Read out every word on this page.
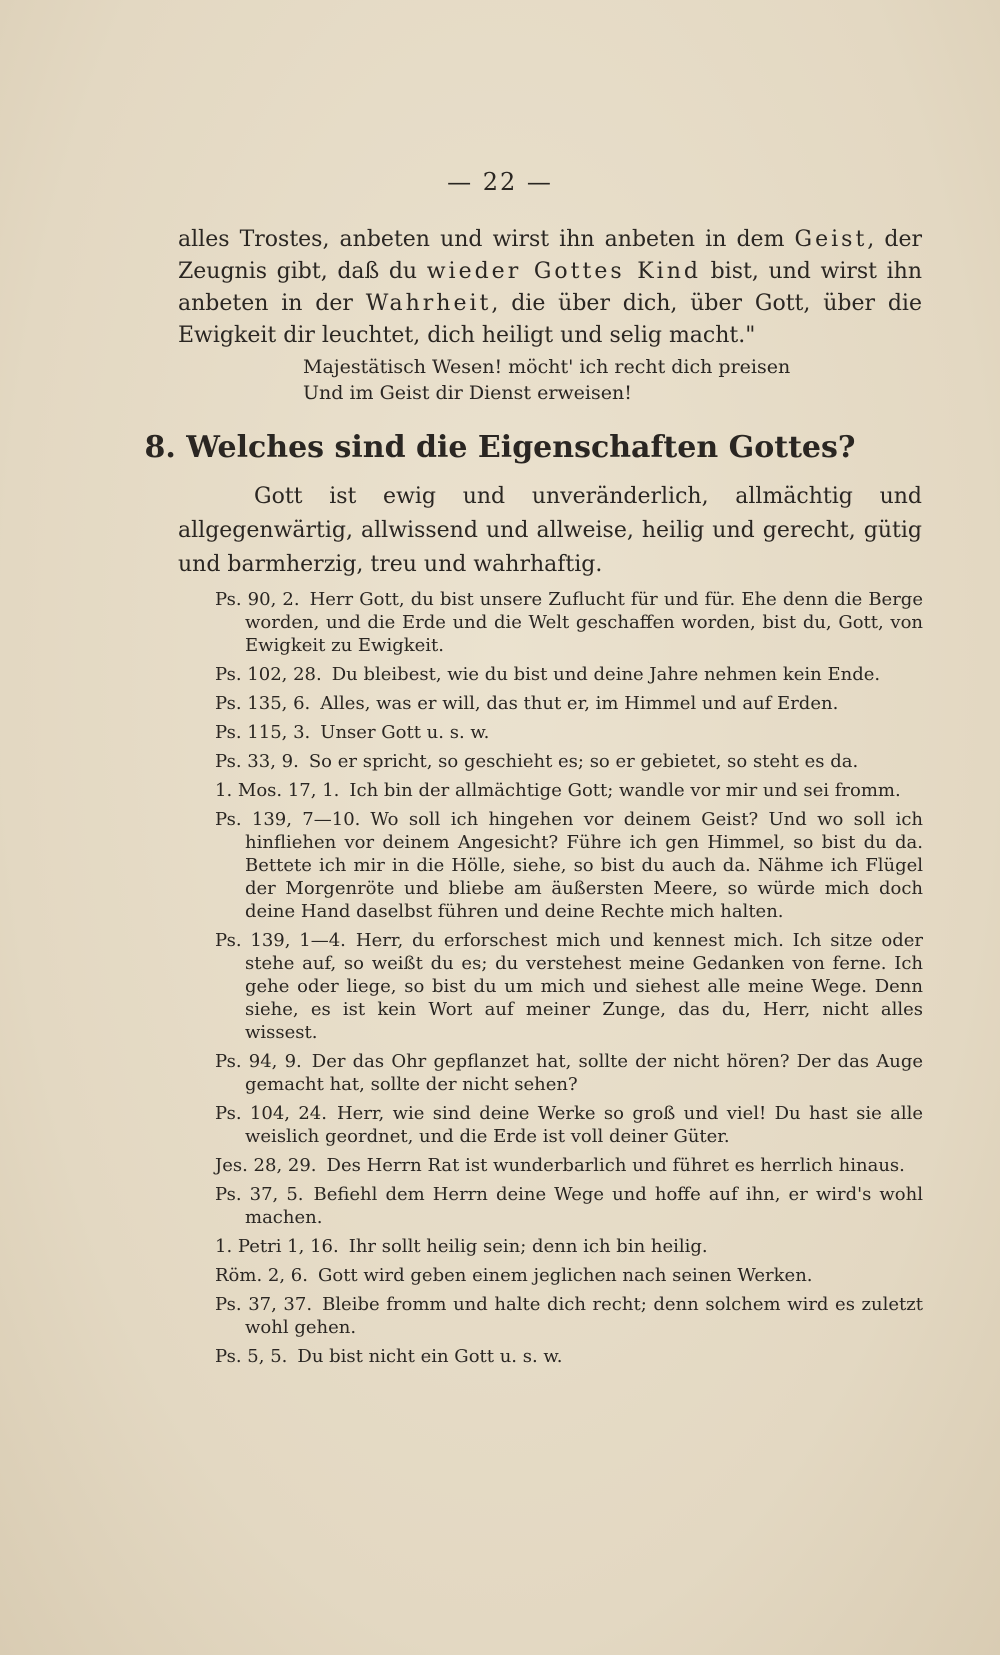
— 22 —

alles Trostes, anbeten und wirst ihn anbeten in dem Geist, der Zeugnis gibt, daß du wieder Gottes Kind bist, und wirst ihn anbeten in der Wahrheit, die über dich, über Gott, über die Ewigkeit dir leuchtet, dich heiligt und selig macht."

Majestätisch Wesen! möcht' ich recht dich preisen
Und im Geist dir Dienst erweisen!
8. Welches sind die Eigenschaften Gottes?

Gott ist ewig und unveränderlich, allmächtig und allgegenwärtig, allwissend und allweise, heilig und gerecht, gütig und barmherzig, treu und wahrhaftig.

Ps. 90, 2. Herr Gott, du bist unsere Zuflucht für und für. Ehe denn die Berge worden, und die Erde und die Welt geschaffen worden, bist du, Gott, von Ewigkeit zu Ewigkeit.
Ps. 102, 28. Du bleibest, wie du bist und deine Jahre nehmen kein Ende.
Ps. 135, 6. Alles, was er will, das thut er, im Himmel und auf Erden.
Ps. 115, 3. Unser Gott u. s. w.
Ps. 33, 9. So er spricht, so geschieht es; so er gebietet, so steht es da.
1. Mos. 17, 1. Ich bin der allmächtige Gott; wandle vor mir und sei fromm.
Ps. 139, 7—10. Wo soll ich hingehen vor deinem Geist? Und wo soll ich hinfliehen vor deinem Angesicht? Führe ich gen Himmel, so bist du da. Bettete ich mir in die Hölle, siehe, so bist du auch da. Nähme ich Flügel der Morgenröte und bliebe am äußersten Meere, so würde mich doch deine Hand daselbst führen und deine Rechte mich halten.
Ps. 139, 1—4. Herr, du erforschest mich und kennest mich. Ich sitze oder stehe auf, so weißt du es; du verstehest meine Gedanken von ferne. Ich gehe oder liege, so bist du um mich und siehest alle meine Wege. Denn siehe, es ist kein Wort auf meiner Zunge, das du, Herr, nicht alles wissest.
Ps. 94, 9. Der das Ohr gepflanzet hat, sollte der nicht hören? Der das Auge gemacht hat, sollte der nicht sehen?
Ps. 104, 24. Herr, wie sind deine Werke so groß und viel! Du hast sie alle weislich geordnet, und die Erde ist voll deiner Güter.
Jes. 28, 29. Des Herrn Rat ist wunderbarlich und führet es herrlich hinaus.
Ps. 37, 5. Befiehl dem Herrn deine Wege und hoffe auf ihn, er wird's wohl machen.
1. Petri 1, 16. Ihr sollt heilig sein; denn ich bin heilig.
Röm. 2, 6. Gott wird geben einem jeglichen nach seinen Werken.
Ps. 37, 37. Bleibe fromm und halte dich recht; denn solchem wird es zuletzt wohl gehen.
Ps. 5, 5. Du bist nicht ein Gott u. s. w.
